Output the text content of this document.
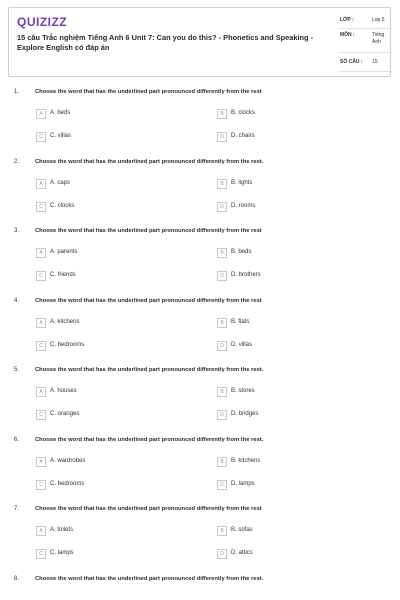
QUIZIZZ
15 câu Trắc nghiệm Tiếng Anh 6 Unit 7: Can you do this? - Phonetics and Speaking - Explore English có đáp án
LỚP :	Lop 6
MÔN :	Tiếng Anh
SỐ CÂU : 15
1.	Choose the word that has the underlined part pronounced differently from the rest
A	A. beds	B	B. clocks
C	C. villas	D	D. chairs
2.	Choose the word that has the underlined part pronounced differently from the rest.
A	A. caps	B	B. lights
C	C. clocks	D	D. rooms
3.	Choose the word that has the underlined part pronounced differently from the rest
A	A. parents	B	B. beds
C	C. friends	D	D. brothers
4.	Choose the word that has the underlined part pronounced differently from the rest
A	A. kitchens	B	B. flats
C	C. bedrooms	D	D. villas
5.	Choose the word that has the underlined part pronounced differently from the rest.
A	A. houses	B	B. stores
C	C. oranges	D	D. bridges
6.	Choose the word that has the underlined part pronounced differently from the rest.
A	A. wardrobes	B	B. kitchens
C	C. bedrooms	D	D. lamps
7.	Choose the word that has the underlined part pronounced differently from the rest
A	A. toilets	B	B. sofas
C	C. lamps	D	D. attics
8.	Choose the word that has the underlined part pronounced differently from the rest.
